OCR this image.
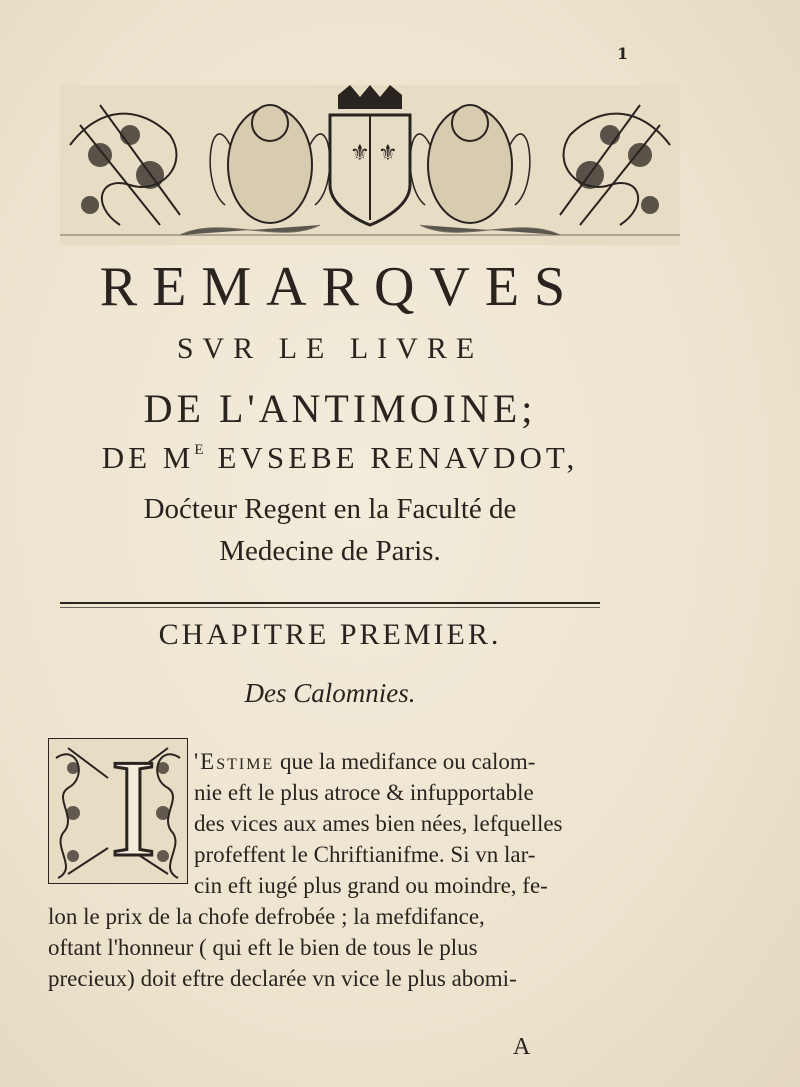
1
⚜ ⚜
REMARQVES
SVR LE LIVRE
DE L'ANTIMOINE;
DE $M^E$ EVSEBE RENAVDOT,
Doćteur Regent en la Faculté de
Medecine de Paris.
CHAPITRE PREMIER.
Des Calomnies.
I 'Estime que la medifance ou calom-
nie eft le plus atroce & infupportable
des vices aux ames bien nées, lefquelles
profeffent le Chriftianifme. Si vn lar-
cin eft iugé plus grand ou moindre, fe-
lon le prix de la chofe defrobée ; la mefdifance,
oftant l'honneur ( qui eft le bien de tous le plus
precieux) doit eftre declarée vn vice le plus abomi-
A
